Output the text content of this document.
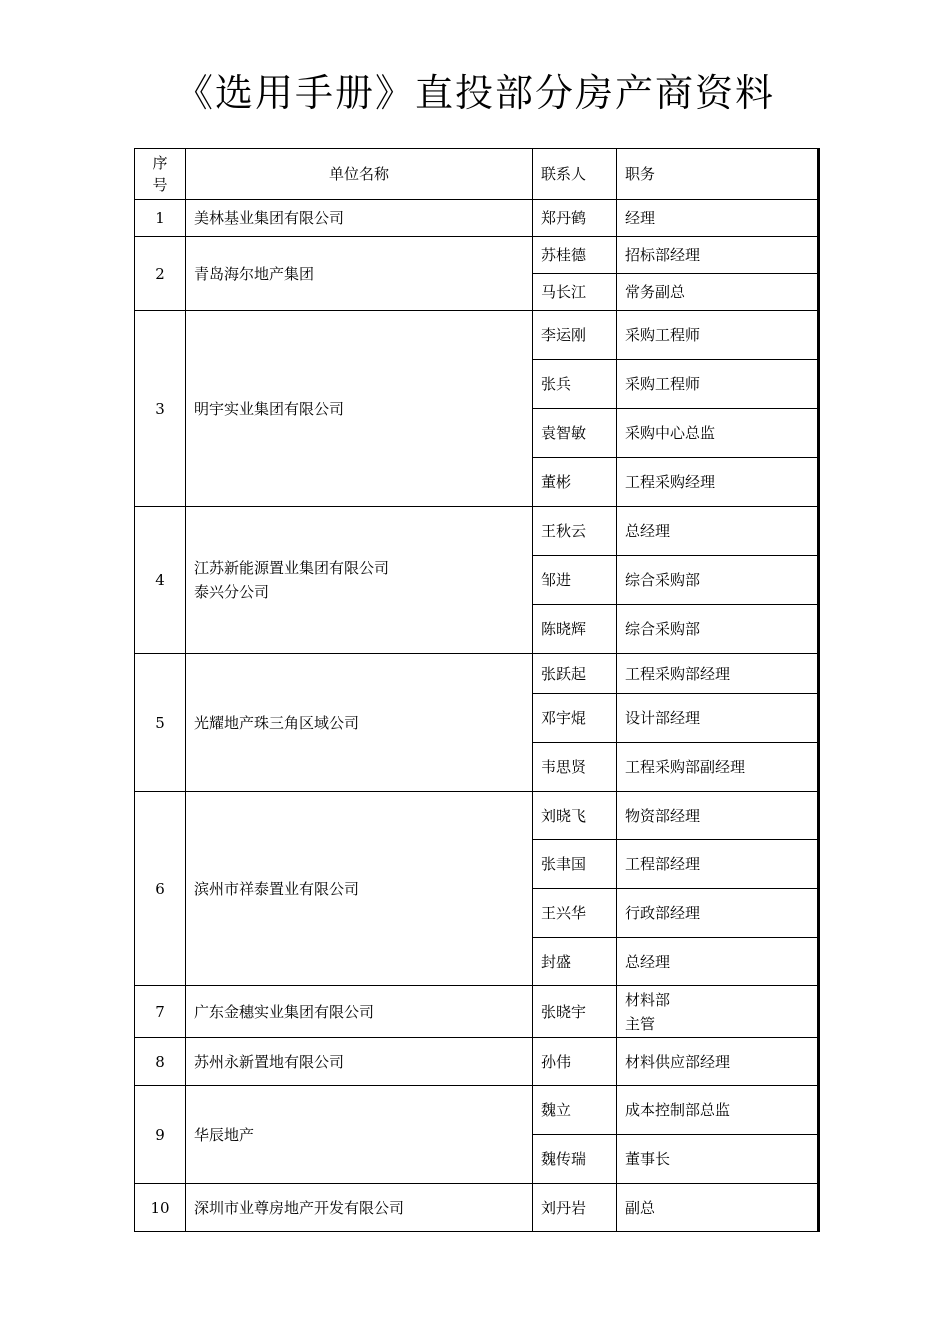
《选用手册》直投部分房产商资料
序
号	单位名称	联系人	职务
1	美林基业集团有限公司	郑丹鹤	经理
2	青岛海尔地产集团	苏桂德	招标部经理
		马长江	常务副总
3	明宇实业集团有限公司	李运刚	采购工程师
		张兵	采购工程师
		袁智敏	采购中心总监
		董彬	工程采购经理
4	江苏新能源置业集团有限公司
泰兴分公司	王秋云	总经理
		邹进	综合采购部
		陈晓辉	综合采购部
5	光耀地产珠三角区域公司	张跃起	工程采购部经理
		邓宇焜	设计部经理
		韦思贤	工程采购部副经理
6	滨州市祥泰置业有限公司	刘晓飞	物资部经理
		张聿国	工程部经理
		王兴华	行政部经理
		封盛	总经理
7	广东金穗实业集团有限公司	张晓宇	材料部
主管
8	苏州永新置地有限公司	孙伟	材料供应部经理
9	华辰地产	魏立	成本控制部总监
		魏传瑞	董事长
10	深圳市业尊房地产开发有限公司	刘丹岩	副总
